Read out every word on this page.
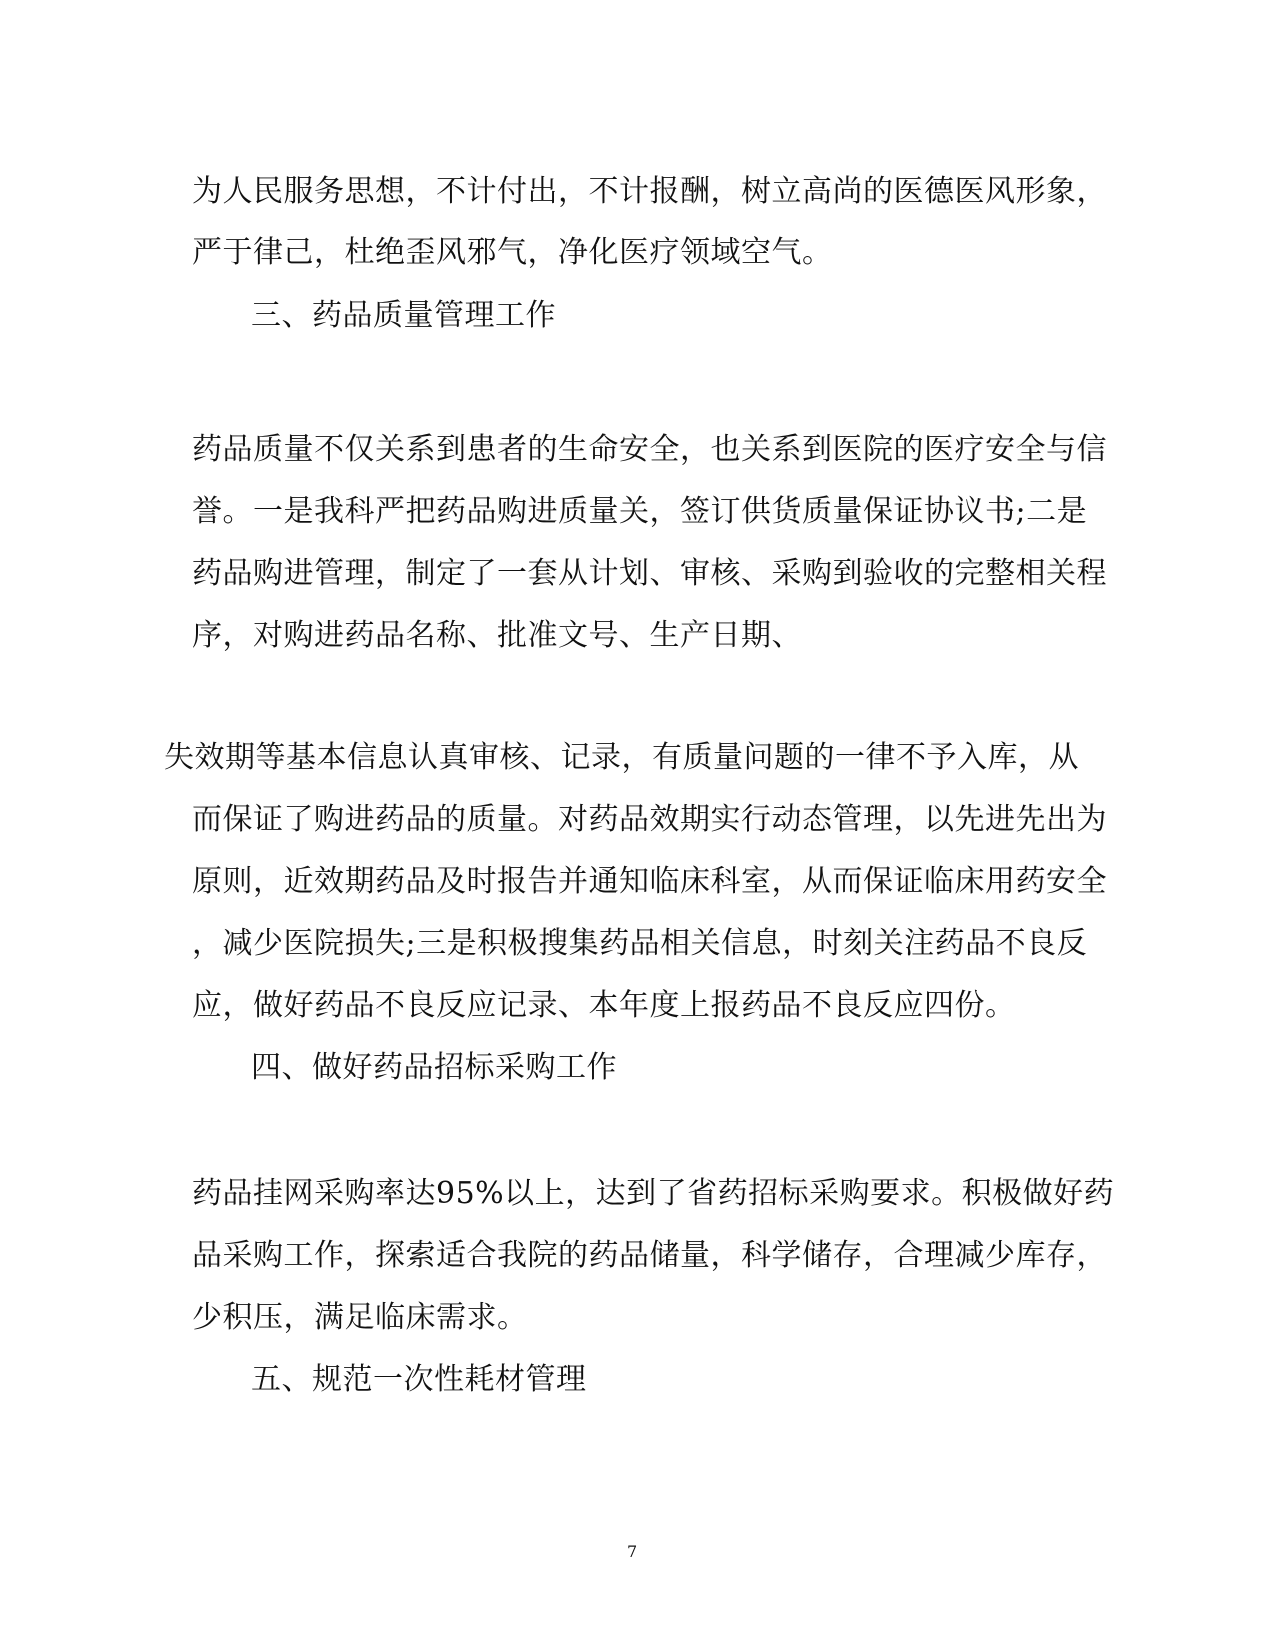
为人民服务思想，不计付出，不计报酬，树立高尚的医德医风形象，
严于律己，杜绝歪风邪气，净化医疗领域空气。
三、药品质量管理工作
药品质量不仅关系到患者的生命安全，也关系到医院的医疗安全与信
誉。一是我科严把药品购进质量关，签订供货质量保证协议书;二是
药品购进管理，制定了一套从计划、审核、采购到验收的完整相关程
序，对购进药品名称、批准文号、生产日期、
失效期等基本信息认真审核、记录，有质量问题的一律不予入库，从
而保证了购进药品的质量。对药品效期实行动态管理，以先进先出为
原则，近效期药品及时报告并通知临床科室，从而保证临床用药安全
，减少医院损失;三是积极搜集药品相关信息，时刻关注药品不良反
应，做好药品不良反应记录、本年度上报药品不良反应四份。
四、做好药品招标采购工作
药品挂网采购率达95%以上，达到了省药招标采购要求。积极做好药
品采购工作，探索适合我院的药品储量，科学储存，合理减少库存，
少积压，满足临床需求。
五、规范一次性耗材管理
7
